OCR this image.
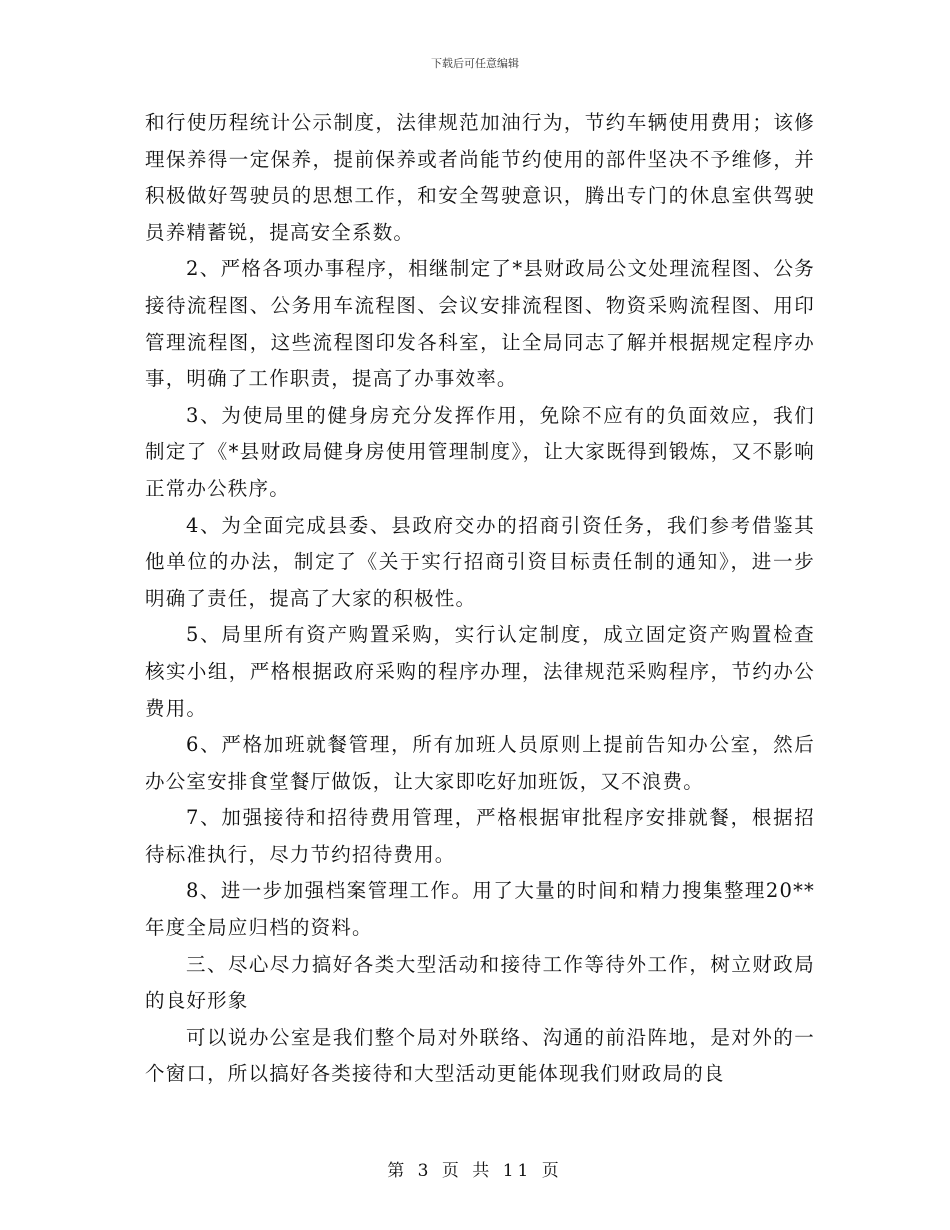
下载后可任意编辑

和行使历程统计公示制度，法律规范加油行为，节约车辆使用费用；该修理保养得一定保养，提前保养或者尚能节约使用的部件坚决不予维修，并积极做好驾驶员的思想工作，和安全驾驶意识，腾出专门的休息室供驾驶员养精蓄锐，提高安全系数。

2、严格各项办事程序，相继制定了*县财政局公文处理流程图、公务接待流程图、公务用车流程图、会议安排流程图、物资采购流程图、用印管理流程图，这些流程图印发各科室，让全局同志了解并根据规定程序办事，明确了工作职责，提高了办事效率。

3、为使局里的健身房充分发挥作用，免除不应有的负面效应，我们制定了《*县财政局健身房使用管理制度》，让大家既得到锻炼，又不影响正常办公秩序。

4、为全面完成县委、县政府交办的招商引资任务，我们参考借鉴其他单位的办法，制定了《关于实行招商引资目标责任制的通知》，进一步明确了责任，提高了大家的积极性。

5、局里所有资产购置采购，实行认定制度，成立固定资产购置检查核实小组，严格根据政府采购的程序办理，法律规范采购程序，节约办公费用。

6、严格加班就餐管理，所有加班人员原则上提前告知办公室，然后办公室安排食堂餐厅做饭，让大家即吃好加班饭，又不浪费。

7、加强接待和招待费用管理，严格根据审批程序安排就餐，根据招待标准执行，尽力节约招待费用。

8、进一步加强档案管理工作。用了大量的时间和精力搜集整理20**年度全局应归档的资料。

三、尽心尽力搞好各类大型活动和接待工作等待外工作，树立财政局的良好形象

可以说办公室是我们整个局对外联络、沟通的前沿阵地，是对外的一个窗口，所以搞好各类接待和大型活动更能体现我们财政局的良

第 3 页 共 11 页
